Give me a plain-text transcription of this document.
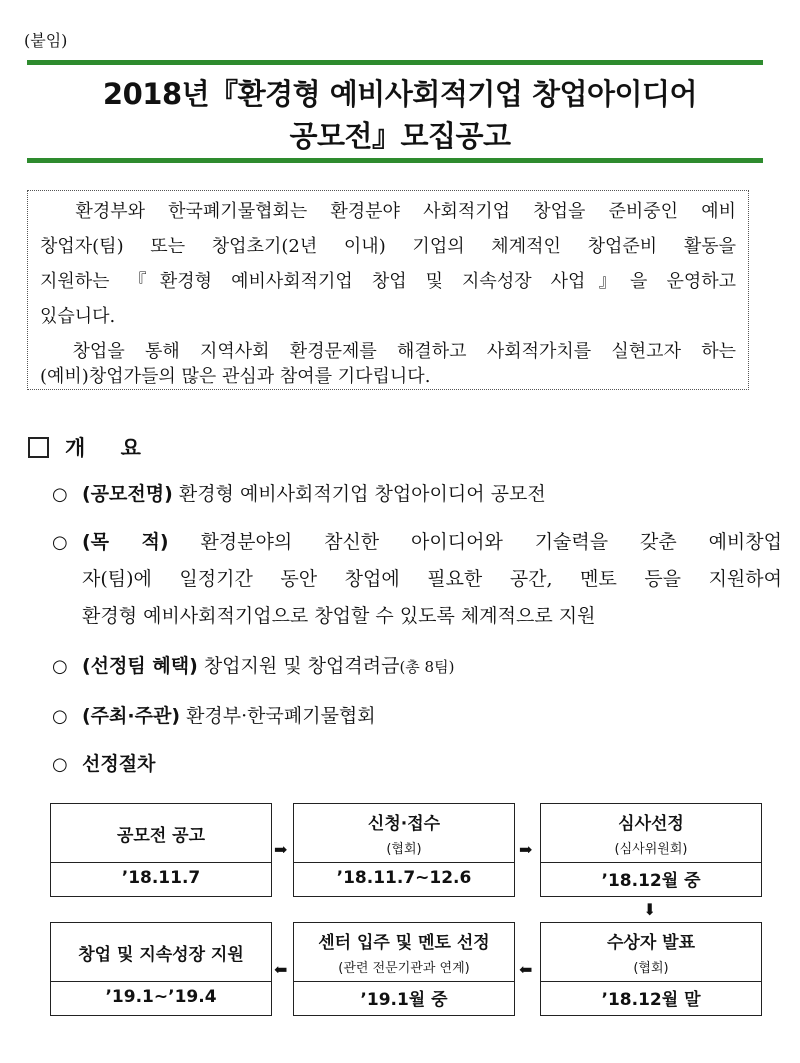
(붙임)
2018년『환경형 예비사회적기업 창업아이디어
공모전』모집공고

　환경부와 한국폐기물협회는 환경분야 사회적기업 창업을 준비중인 예비

창업자(팀) 또는 창업초기(2년 이내) 기업의 체계적인 창업준비 활동을

지원하는 『환경형 예비사회적기업 창업 및 지속성장 사업』을 운영하고

있습니다.

　창업을 통해 지역사회 환경문제를 해결하고 사회적가치를 실현고자 하는

(예비)창업가들의 많은 관심과 참여를 기다립니다.

개 요
○ (공모전명) 환경형 예비사회적기업 창업아이디어 공모전
○ (목 적) 환경분야의 참신한 아이디어와 기술력을 갖춘 예비창업
자(팀)에 일정기간 동안 창업에 필요한 공간, 멘토 등을 지원하여
환경형 예비사회적기업으로 창업할 수 있도록 체계적으로 지원
○ (선정팀 혜택) 창업지원 및 창업격려금(총 8팀)
○ (주최·주관) 환경부·한국폐기물협회
○ 선정절차
공모전 공고
’18.11.7
➡
신청·접수
(협회)
’18.11.7~12.6
➡
심사선정
(심사위원회)
’18.12월 중
⬇
창업 및 지속성장 지원
’19.1~’19.4
⬅
센터 입주 및 멘토 선정
(관련 전문기관과 연계)
’19.1월 중
⬅
수상자 발표
(협회)
’18.12월 말
